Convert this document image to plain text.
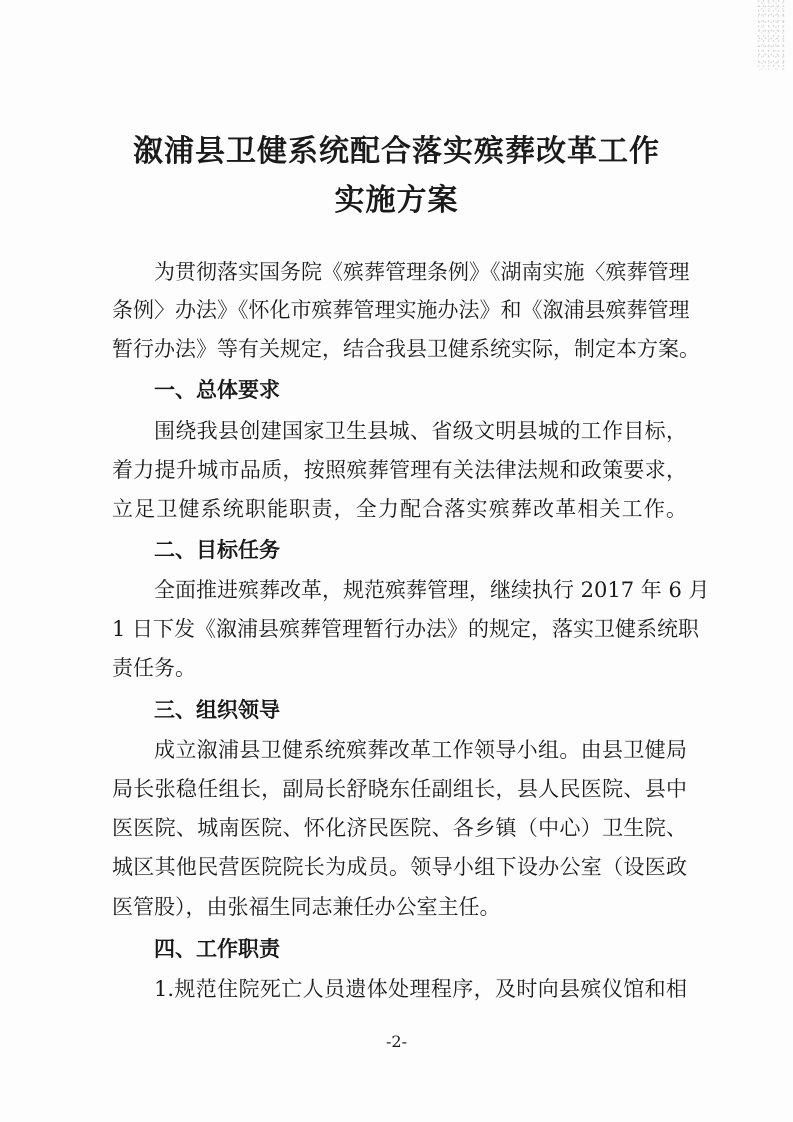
溆浦县卫健系统配合落实殡葬改革工作
实施方案
为贯彻落实国务院《殡葬管理条例》《湖南实施〈殡葬管理
条例〉办法》《怀化市殡葬管理实施办法》和《溆浦县殡葬管理
暂行办法》等有关规定，结合我县卫健系统实际，制定本方案。
一、总体要求
围绕我县创建国家卫生县城、省级文明县城的工作目标，
着力提升城市品质，按照殡葬管理有关法律法规和政策要求，
立足卫健系统职能职责，全力配合落实殡葬改革相关工作。
二、目标任务
全面推进殡葬改革，规范殡葬管理，继续执行 2017 年 6 月
1 日下发《溆浦县殡葬管理暂行办法》的规定，落实卫健系统职
责任务。
三、组织领导
成立溆浦县卫健系统殡葬改革工作领导小组。由县卫健局
局长张稳任组长，副局长舒晓东任副组长，县人民医院、县中
医医院、城南医院、怀化济民医院、各乡镇（中心）卫生院、
城区其他民营医院院长为成员。领导小组下设办公室（设医政
医管股），由张福生同志兼任办公室主任。
四、工作职责
1.规范住院死亡人员遗体处理程序，及时向县殡仪馆和相
-2-
